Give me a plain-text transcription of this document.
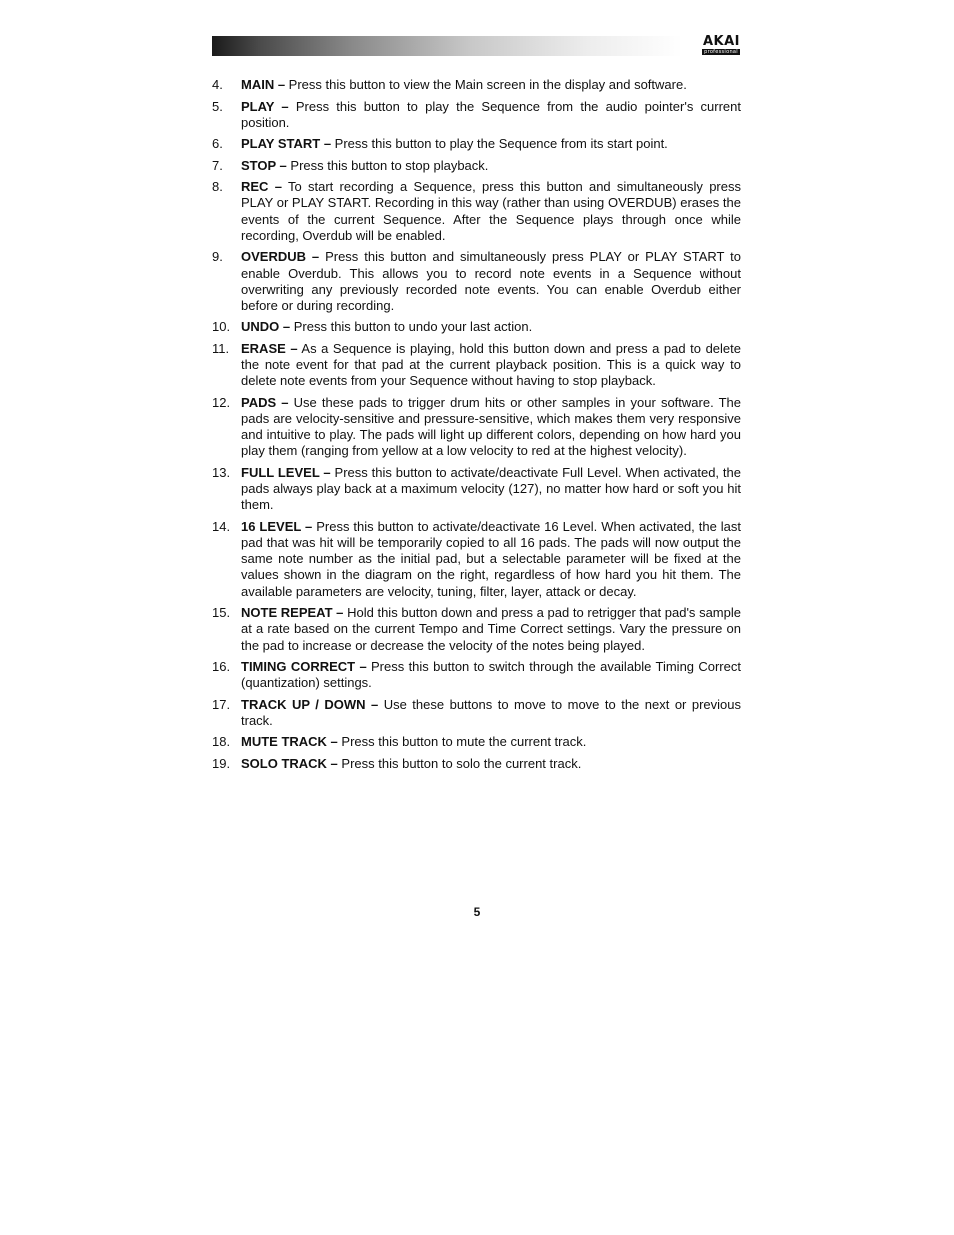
AKAI
professional
4.	MAIN – Press this button to view the Main screen in the display and software.
5.	PLAY – Press this button to play the Sequence from the audio pointer's current position.
6.	PLAY START – Press this button to play the Sequence from its start point.
7.	STOP – Press this button to stop playback.
8.	REC – To start recording a Sequence, press this button and simultaneously press PLAY or PLAY START. Recording in this way (rather than using OVERDUB) erases the events of the current Sequence. After the Sequence plays through once while recording, Overdub will be enabled.
9.	OVERDUB – Press this button and simultaneously press PLAY or PLAY START to enable Overdub. This allows you to record note events in a Sequence without overwriting any previously recorded note events. You can enable Overdub either before or during recording.
10. UNDO – Press this button to undo your last action.
11. ERASE – As a Sequence is playing, hold this button down and press a pad to delete the note event for that pad at the current playback position. This is a quick way to delete note events from your Sequence without having to stop playback.
12. PADS – Use these pads to trigger drum hits or other samples in your software. The pads are velocity-sensitive and pressure-sensitive, which makes them very responsive and intuitive to play. The pads will light up different colors, depending on how hard you play them (ranging from yellow at a low velocity to red at the highest velocity).
13. FULL LEVEL – Press this button to activate/deactivate Full Level. When activated, the pads always play back at a maximum velocity (127), no matter how hard or soft you hit them.
14. 16 LEVEL – Press this button to activate/deactivate 16 Level. When activated, the last pad that was hit will be temporarily copied to all 16 pads. The pads will now output the same note number as the initial pad, but a selectable parameter will be fixed at the values shown in the diagram on the right, regardless of how hard you hit them. The available parameters are velocity, tuning, filter, layer, attack or decay.
15. NOTE REPEAT – Hold this button down and press a pad to retrigger that pad's sample at a rate based on the current Tempo and Time Correct settings. Vary the pressure on the pad to increase or decrease the velocity of the notes being played.
16. TIMING CORRECT – Press this button to switch through the available Timing Correct (quantization) settings.
17. TRACK UP / DOWN – Use these buttons to move to move to the next or previous track.
18. MUTE TRACK – Press this button to mute the current track.
19. SOLO TRACK – Press this button to solo the current track.
5
